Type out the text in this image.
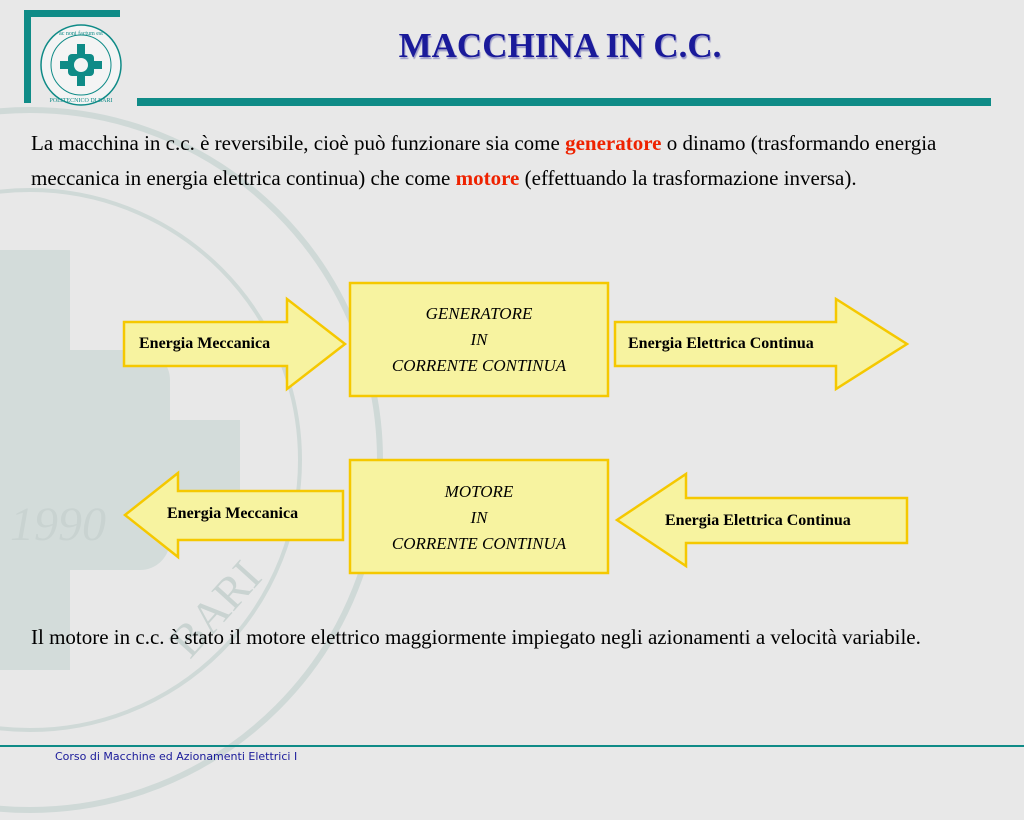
1990
BARI
ac noni factum est
POLITECNICO DI BARI
MACCHINA IN C.C.
La macchina in c.c. è reversibile, cioè può funzionare sia come generatore o dinamo (trasformando energia meccanica in energia elettrica continua) che come motore (effettuando la trasformazione inversa).
Energia Meccanica
GENERATORE
IN
CORRENTE CONTINUA
Energia Elettrica Continua
Energia Meccanica
MOTORE
IN
CORRENTE CONTINUA
Energia Elettrica Continua
Il motore in c.c. è stato il motore elettrico maggiormente impiegato negli azionamenti a velocità variabile.
Corso di Macchine ed Azionamenti Elettrici I
